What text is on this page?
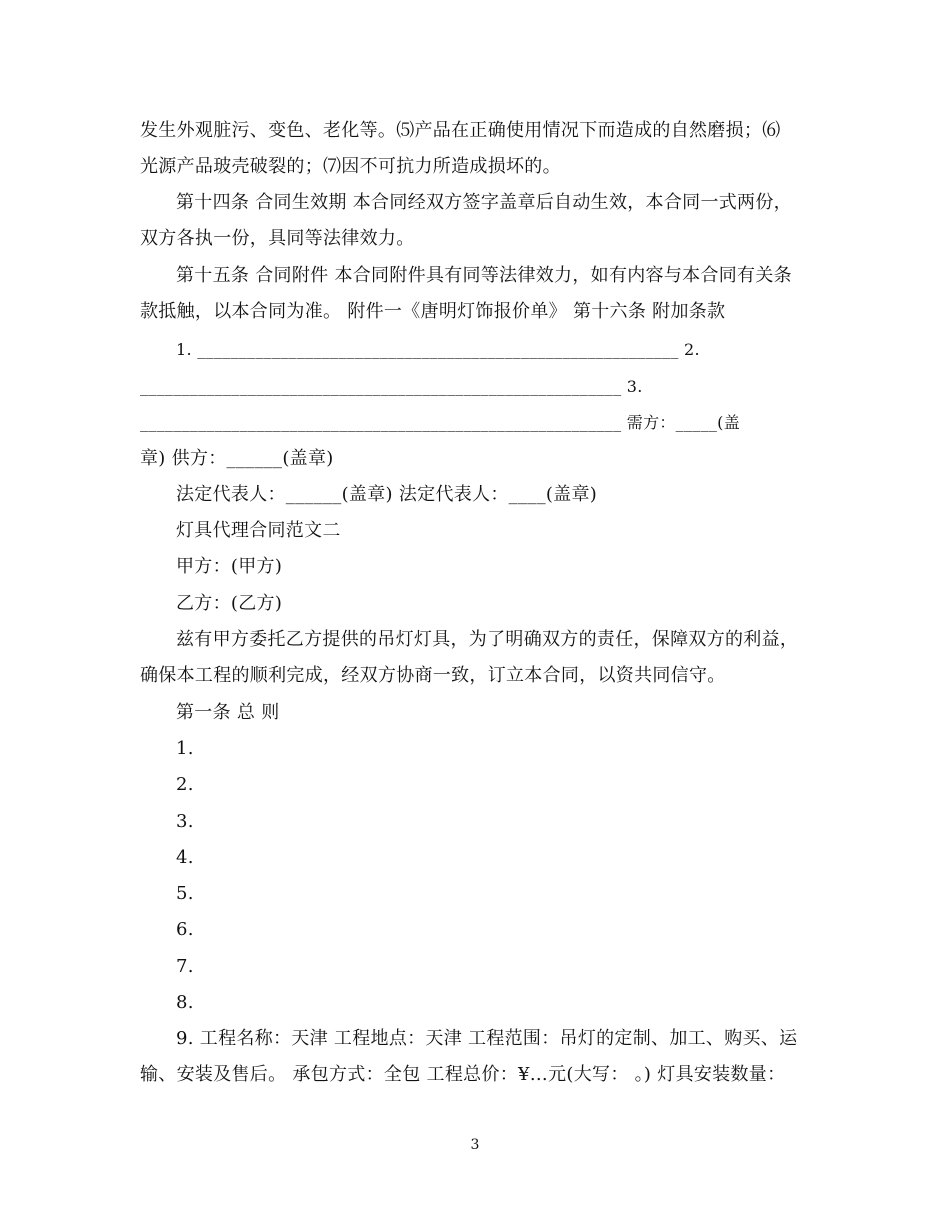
发生外观脏污、变色、老化等。⑸产品在正确使用情况下而造成的自然磨损；⑹
光源产品玻壳破裂的；⑺因不可抗力所造成损坏的。
第十四条 合同生效期 本合同经双方签字盖章后自动生效，本合同一式两份，
双方各执一份，具同等法律效力。
第十五条 合同附件 本合同附件具有同等法律效力，如有内容与本合同有关条
款抵触，以本合同为准。 附件一《唐明灯饰报价单》 第十六条 附加条款
1. __________________________________________________________ 2.
__________________________________________________________ 3.
__________________________________________________________ 需方：_____(盖
章) 供方：______(盖章)
法定代表人：______(盖章) 法定代表人：____(盖章)
灯具代理合同范文二
甲方：(甲方)
乙方：(乙方)
兹有甲方委托乙方提供的吊灯灯具，为了明确双方的责任，保障双方的利益，
确保本工程的顺利完成，经双方协商一致，订立本合同，以资共同信守。
第一条 总 则
1.
2.
3.
4.
5.
6.
7.
8.
9. 工程名称：天津 工程地点：天津 工程范围：吊灯的定制、加工、购买、运
输、安装及售后。 承包方式：全包 工程总价：¥…元(大写： 。) 灯具安装数量：
3
